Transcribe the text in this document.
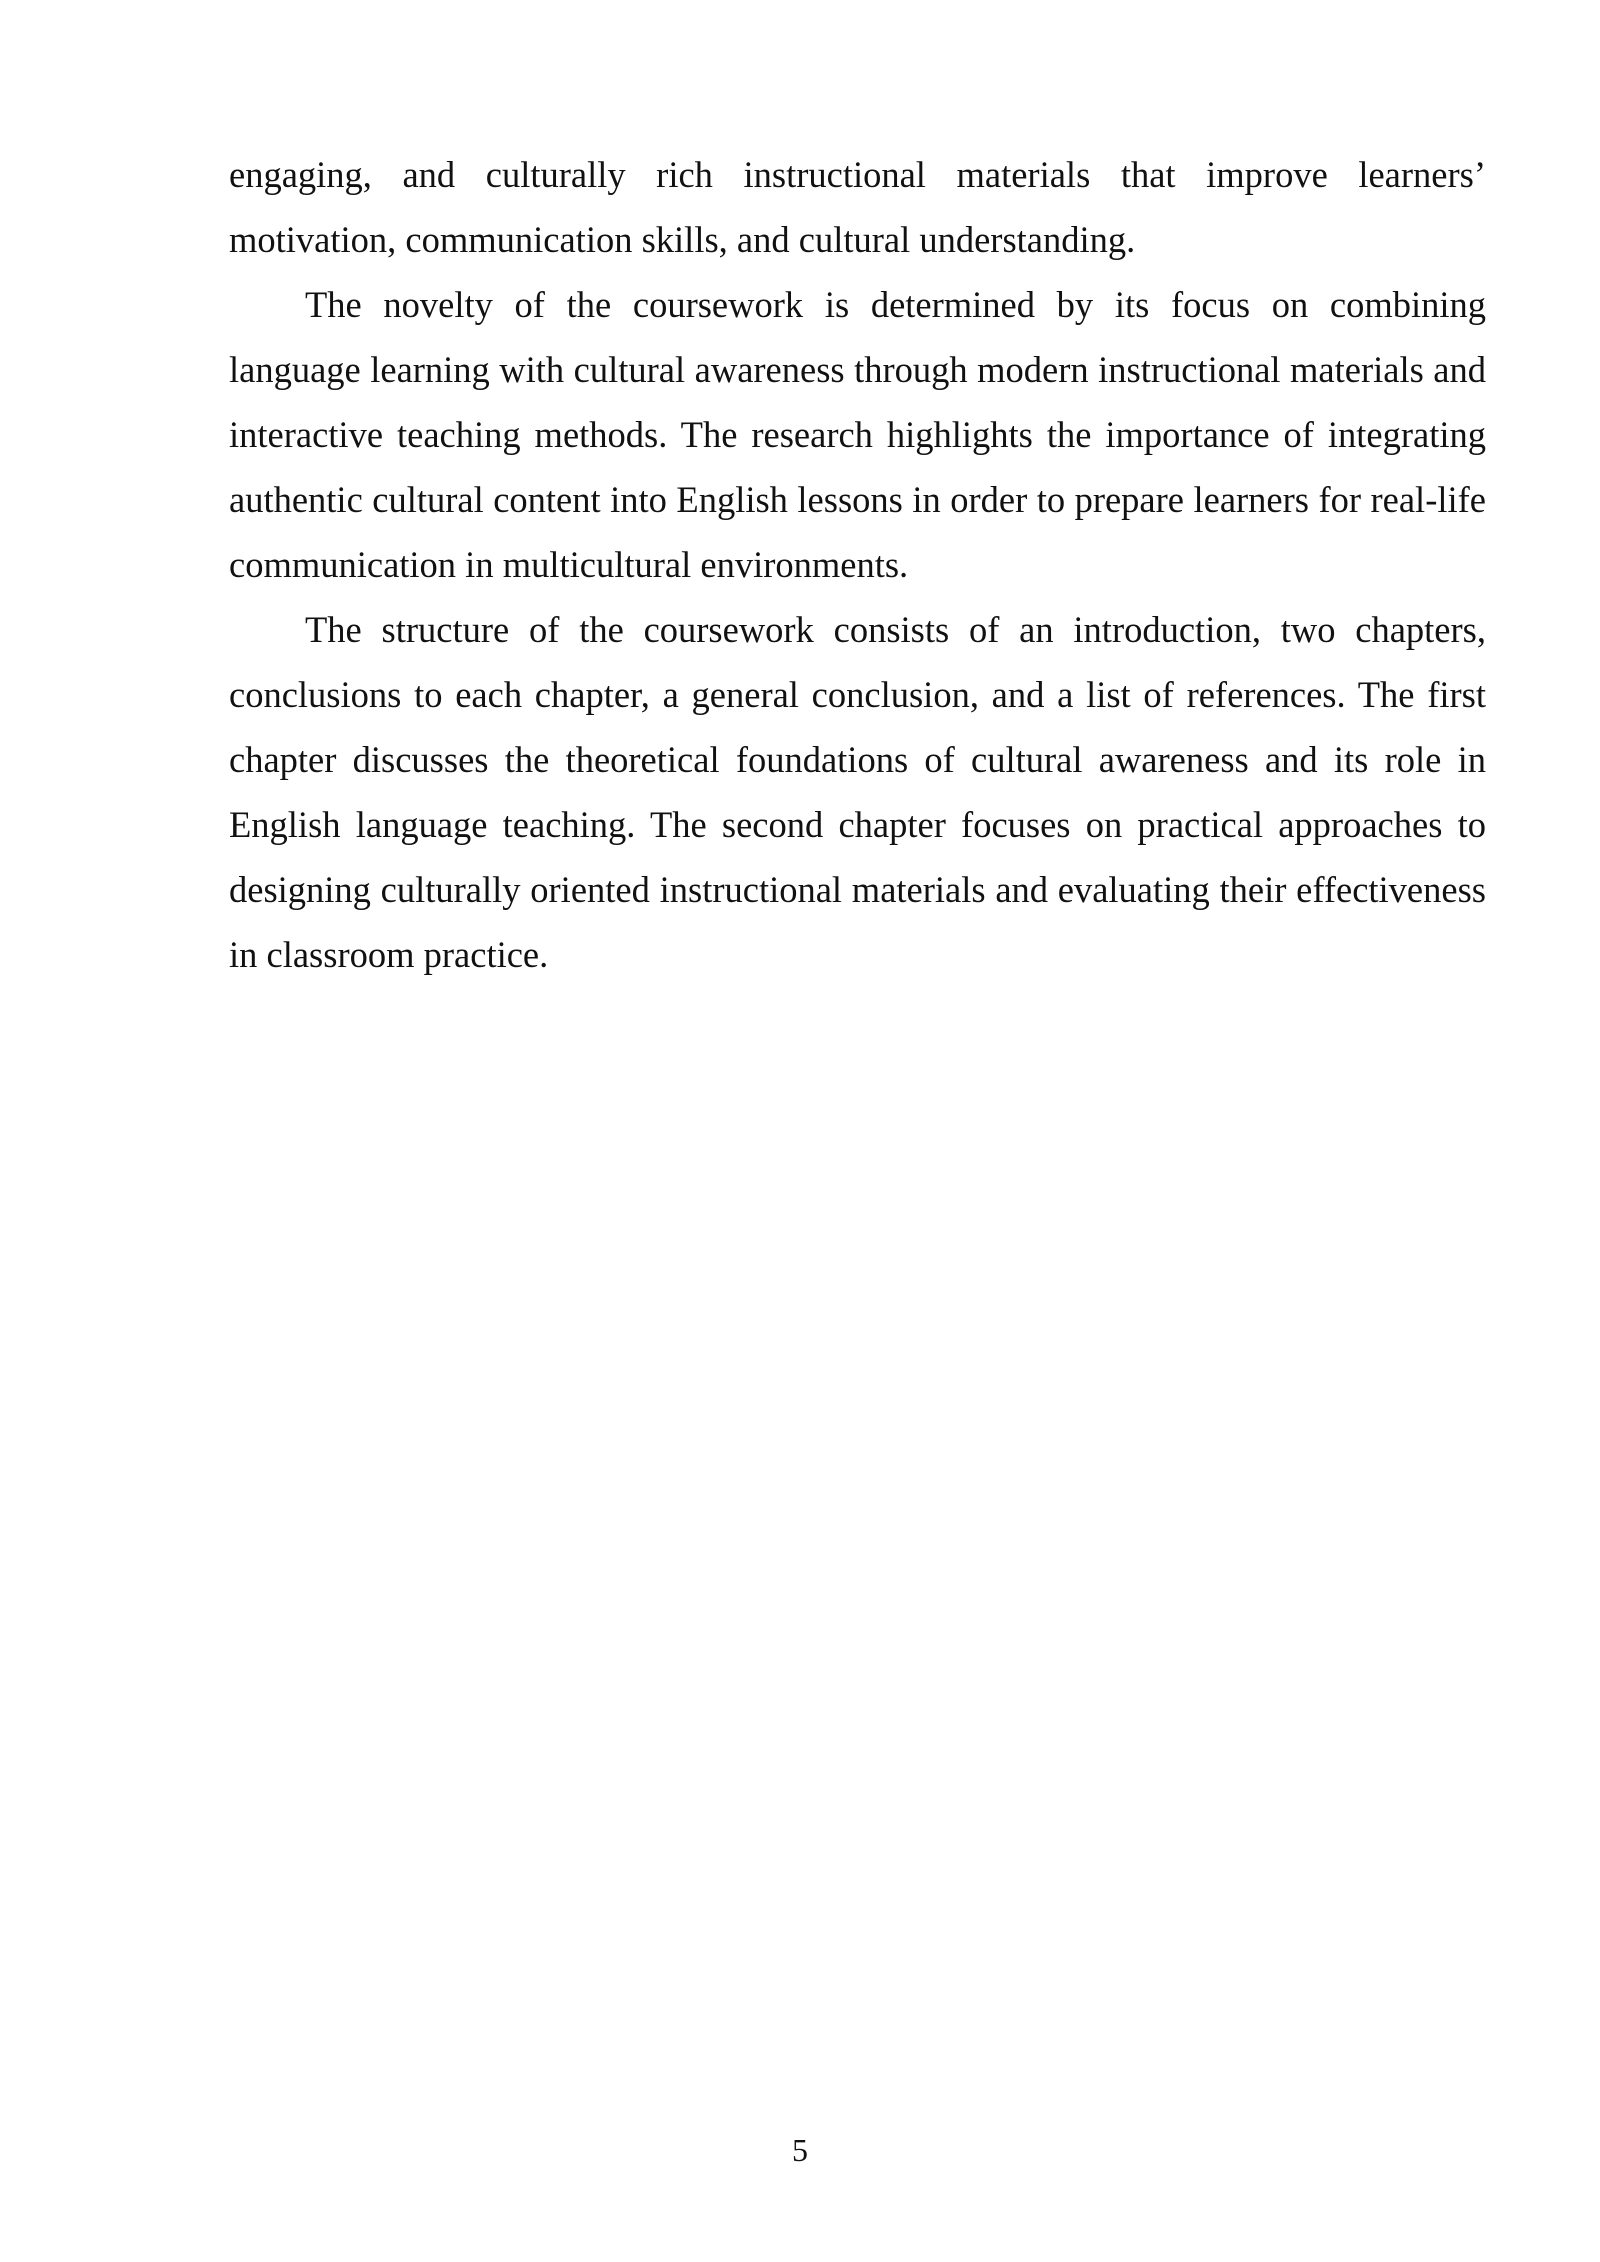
engaging, and culturally rich instructional materials that improve learners’ motivation, communication skills, and cultural understanding.

The novelty of the coursework is determined by its focus on combining language learning with cultural awareness through modern instructional materials and interactive teaching methods. The research highlights the importance of integrating authentic cultural content into English lessons in order to prepare learners for real-life communication in multicultural environments.

The structure of the coursework consists of an introduction, two chapters, conclusions to each chapter, a general conclusion, and a list of references. The first chapter discusses the theoretical foundations of cultural awareness and its role in English language teaching. The second chapter focuses on practical approaches to designing culturally oriented instructional materials and evaluating their effectiveness in classroom practice.

5
